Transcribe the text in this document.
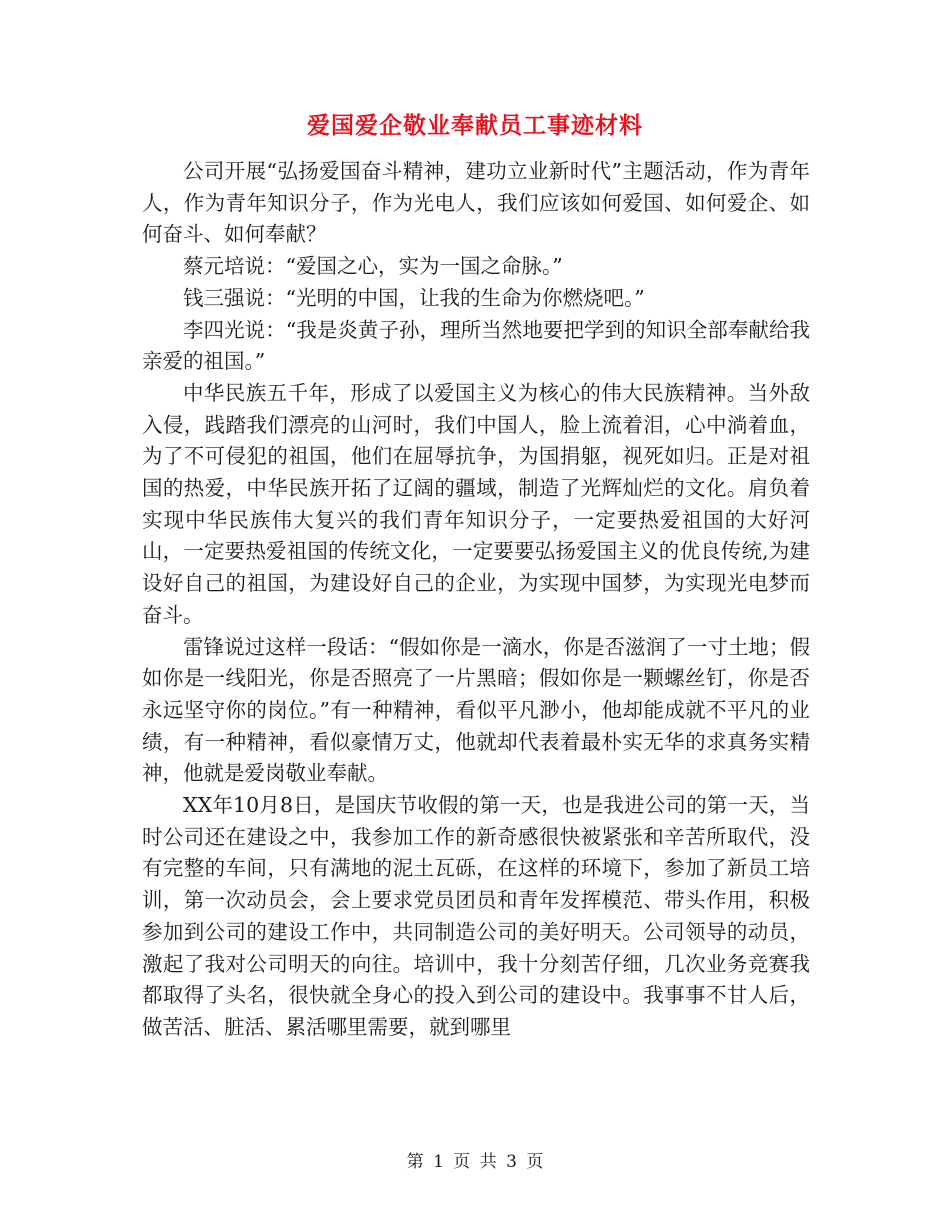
爱国爱企敬业奉献员工事迹材料

公司开展“弘扬爱国奋斗精神，建功立业新时代”主题活动，作为青年人，作为青年知识分子，作为光电人，我们应该如何爱国、如何爱企、如何奋斗、如何奉献？

蔡元培说：“爱国之心，实为一国之命脉。”

钱三强说：“光明的中国，让我的生命为你燃烧吧。”

李四光说：“我是炎黄子孙，理所当然地要把学到的知识全部奉献给我亲爱的祖国。”

中华民族五千年，形成了以爱国主义为核心的伟大民族精神。当外敌入侵，践踏我们漂亮的山河时，我们中国人，脸上流着泪，心中淌着血，为了不可侵犯的祖国，他们在屈辱抗争，为国捐躯，视死如归。正是对祖国的热爱，中华民族开拓了辽阔的疆域，制造了光辉灿烂的文化。肩负着实现中华民族伟大复兴的我们青年知识分子，一定要热爱祖国的大好河山，一定要热爱祖国的传统文化，一定要要弘扬爱国主义的优良传统,为建设好自己的祖国，为建设好自己的企业，为实现中国梦，为实现光电梦而奋斗。

雷锋说过这样一段话：“假如你是一滴水，你是否滋润了一寸土地；假如你是一线阳光，你是否照亮了一片黑暗；假如你是一颗螺丝钉，你是否永远坚守你的岗位。”有一种精神，看似平凡渺小，他却能成就不平凡的业绩，有一种精神，看似豪情万丈，他就却代表着最朴实无华的求真务实精神，他就是爱岗敬业奉献。

XX年10月8日，是国庆节收假的第一天，也是我进公司的第一天，当时公司还在建设之中，我参加工作的新奇感很快被紧张和辛苦所取代，没有完整的车间，只有满地的泥土瓦砾，在这样的环境下，参加了新员工培训，第一次动员会，会上要求党员团员和青年发挥模范、带头作用，积极参加到公司的建设工作中，共同制造公司的美好明天。公司领导的动员，激起了我对公司明天的向往。培训中，我十分刻苦仔细，几次业务竞赛我都取得了头名，很快就全身心的投入到公司的建设中。我事事不甘人后，做苦活、脏活、累活哪里需要，就到哪里

第 1 页 共 3 页
